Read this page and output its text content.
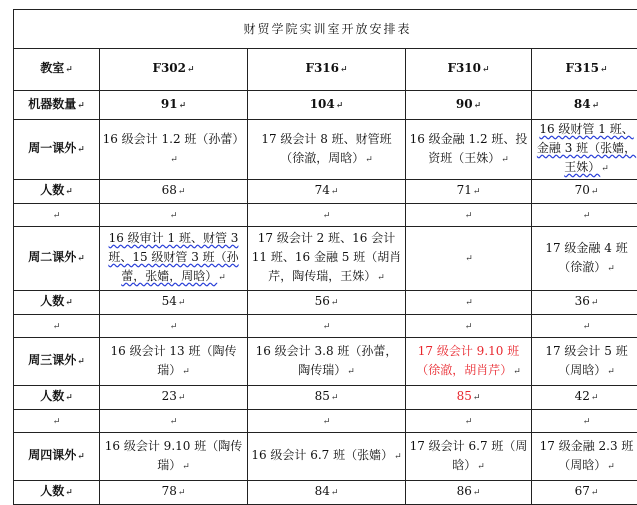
财贸学院实训室开放安排表				
教室↵	F302↵	F316↵	F310↵	F315↵
机器数量↵	91↵	104↵	90↵	84↵
周一课外↵	16 级会计 1.2 班（孙蕾）↵	17 级会计 8 班、财管班（徐澈，周晗）↵	16 级金融 1.2 班、投资班（王姝）↵	16 级财管 1 班、金融 3 班（张嬙，王姝）↵
人数↵	68↵	74↵	71↵	70↵
↵	↵	↵	↵	↵
周二课外↵	16 级审计 1 班、财管 3 班、15 级财管 3 班（孙蕾，张嬙，周晗）↵	17 级会计 2 班、16 会计 11 班、16 金融 5 班（胡肖芹，陶传瑞，王姝）↵	↵	17 级金融 4 班（徐澈）↵
人数↵	54↵	56↵	↵	36↵
↵	↵	↵	↵	↵
周三课外↵	16 级会计 13 班（陶传瑞）↵	16 级会计 3.8 班（孙蕾，陶传瑞）↵	17 级会计 9.10 班（徐澈，胡肖芹）↵	17 级会计 5 班（周晗）↵
人数↵	23↵	85↵	85↵	42↵
↵	↵	↵	↵	↵
周四课外↵	16 级会计 9.10 班（陶传瑞）↵	16 级会计 6.7 班（张嬙）↵	17 级会计 6.7 班（周晗）↵	17 级金融 2.3 班（周晗）↵
人数↵	78↵	84↵	86↵	67↵
